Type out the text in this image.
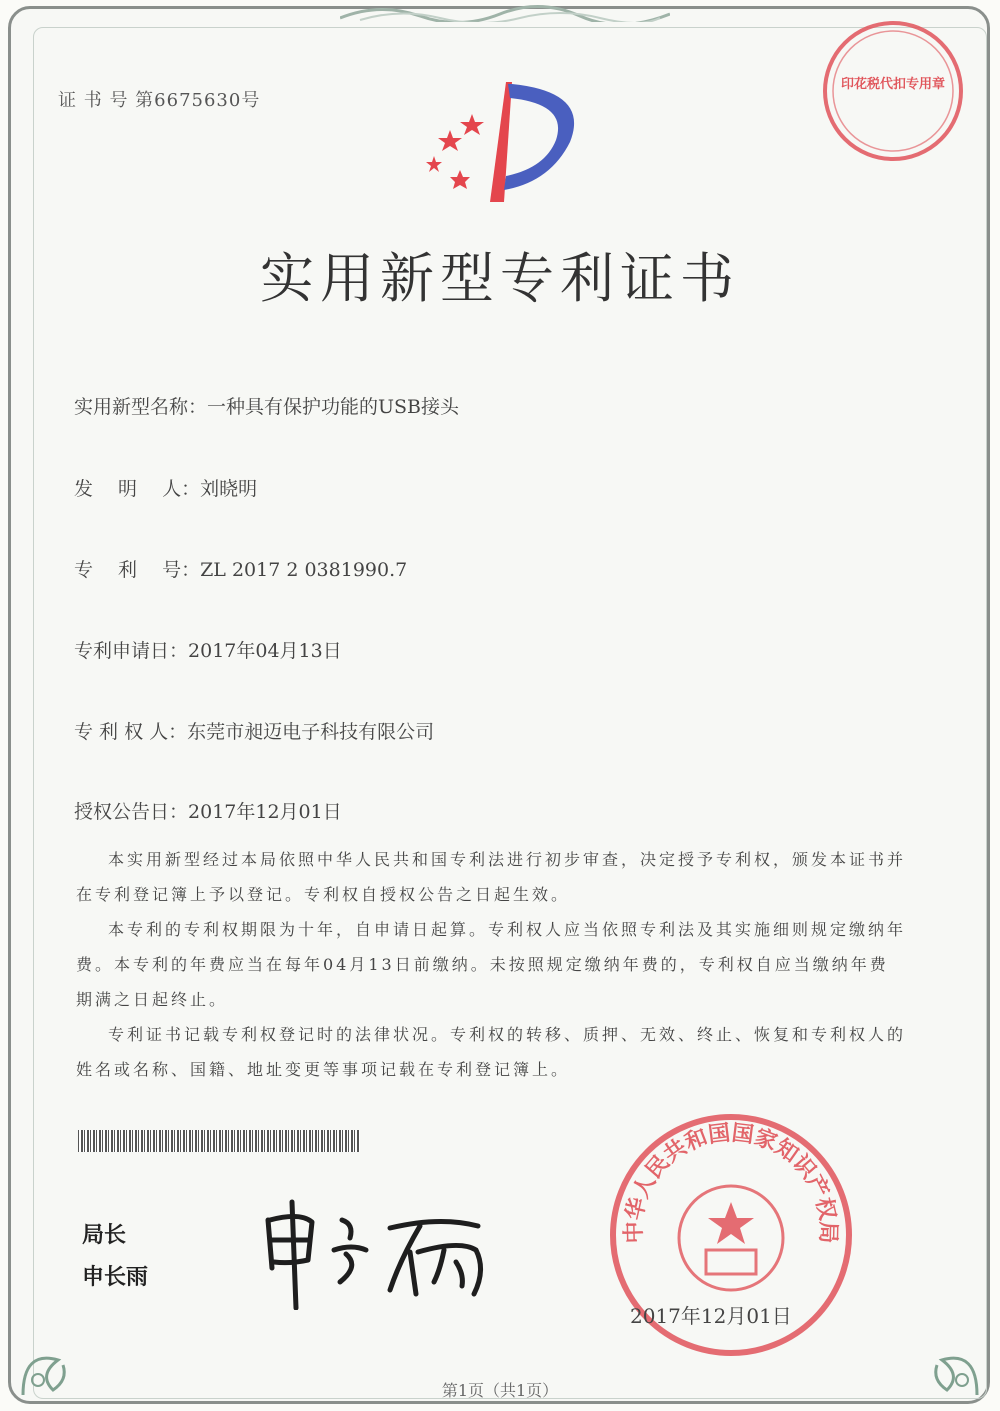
证 书 号 第6675630号
实用新型专利证书
实用新型名称：一种具有保护功能的USB接头
发　 明　 人：刘晓明
专　 利　 号：ZL 2017 2 0381990.7
专利申请日：2017年04月13日
专 利 权 人：东莞市昶迈电子科技有限公司
授权公告日：2017年12月01日

本实用新型经过本局依照中华人民共和国专利法进行初步审查，决定授予专利权，颁发本证书并在专利登记簿上予以登记。专利权自授权公告之日起生效。

本专利的专利权期限为十年，自申请日起算。专利权人应当依照专利法及其实施细则规定缴纳年费。本专利的年费应当在每年04月13日前缴纳。未按照规定缴纳年费的，专利权自应当缴纳年费期满之日起终止。

专利证书记载专利权登记时的法律状况。专利权的转移、质押、无效、终止、恢复和专利权人的姓名或名称、国籍、地址变更等事项记载在专利登记簿上。

局长
申长雨
中华人民共和国国家知识产权局
2017年12月01日
印花税代扣专用章
第1页（共1页）
